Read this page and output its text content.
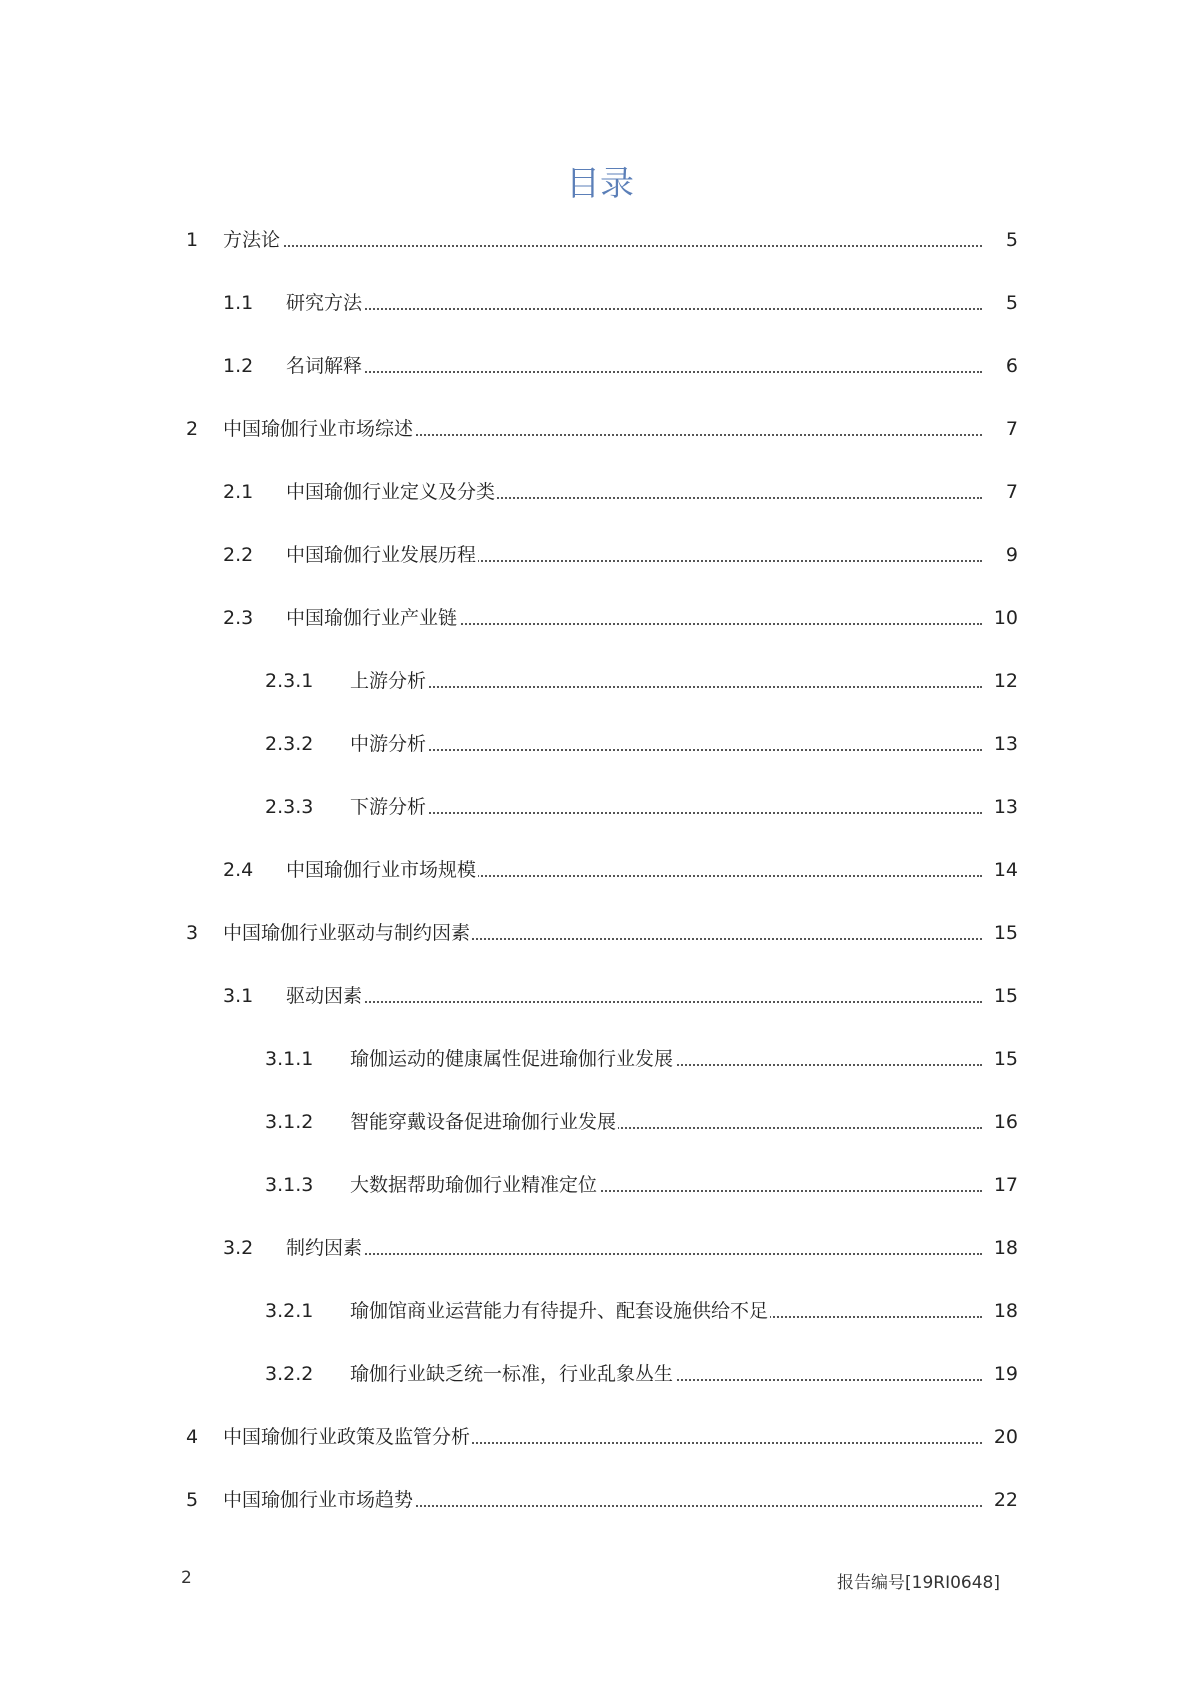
目录
1 方法论	5
1.1 研究方法	5
1.2 名词解释	6
2 中国瑜伽行业市场综述	7
2.1 中国瑜伽行业定义及分类	7
2.2 中国瑜伽行业发展历程	9
2.3 中国瑜伽行业产业链	10
2.3.1 上游分析	12
2.3.2 中游分析	13
2.3.3 下游分析	13
2.4 中国瑜伽行业市场规模	14
3 中国瑜伽行业驱动与制约因素	15
3.1 驱动因素	15
3.1.1 瑜伽运动的健康属性促进瑜伽行业发展	15
3.1.2 智能穿戴设备促进瑜伽行业发展	16
3.1.3 大数据帮助瑜伽行业精准定位	17
3.2 制约因素	18
3.2.1 瑜伽馆商业运营能力有待提升、配套设施供给不足	18
3.2.2 瑜伽行业缺乏统一标准，行业乱象丛生	19
4 中国瑜伽行业政策及监管分析	20
5 中国瑜伽行业市场趋势	22
2	报告编号[19RI0648]
